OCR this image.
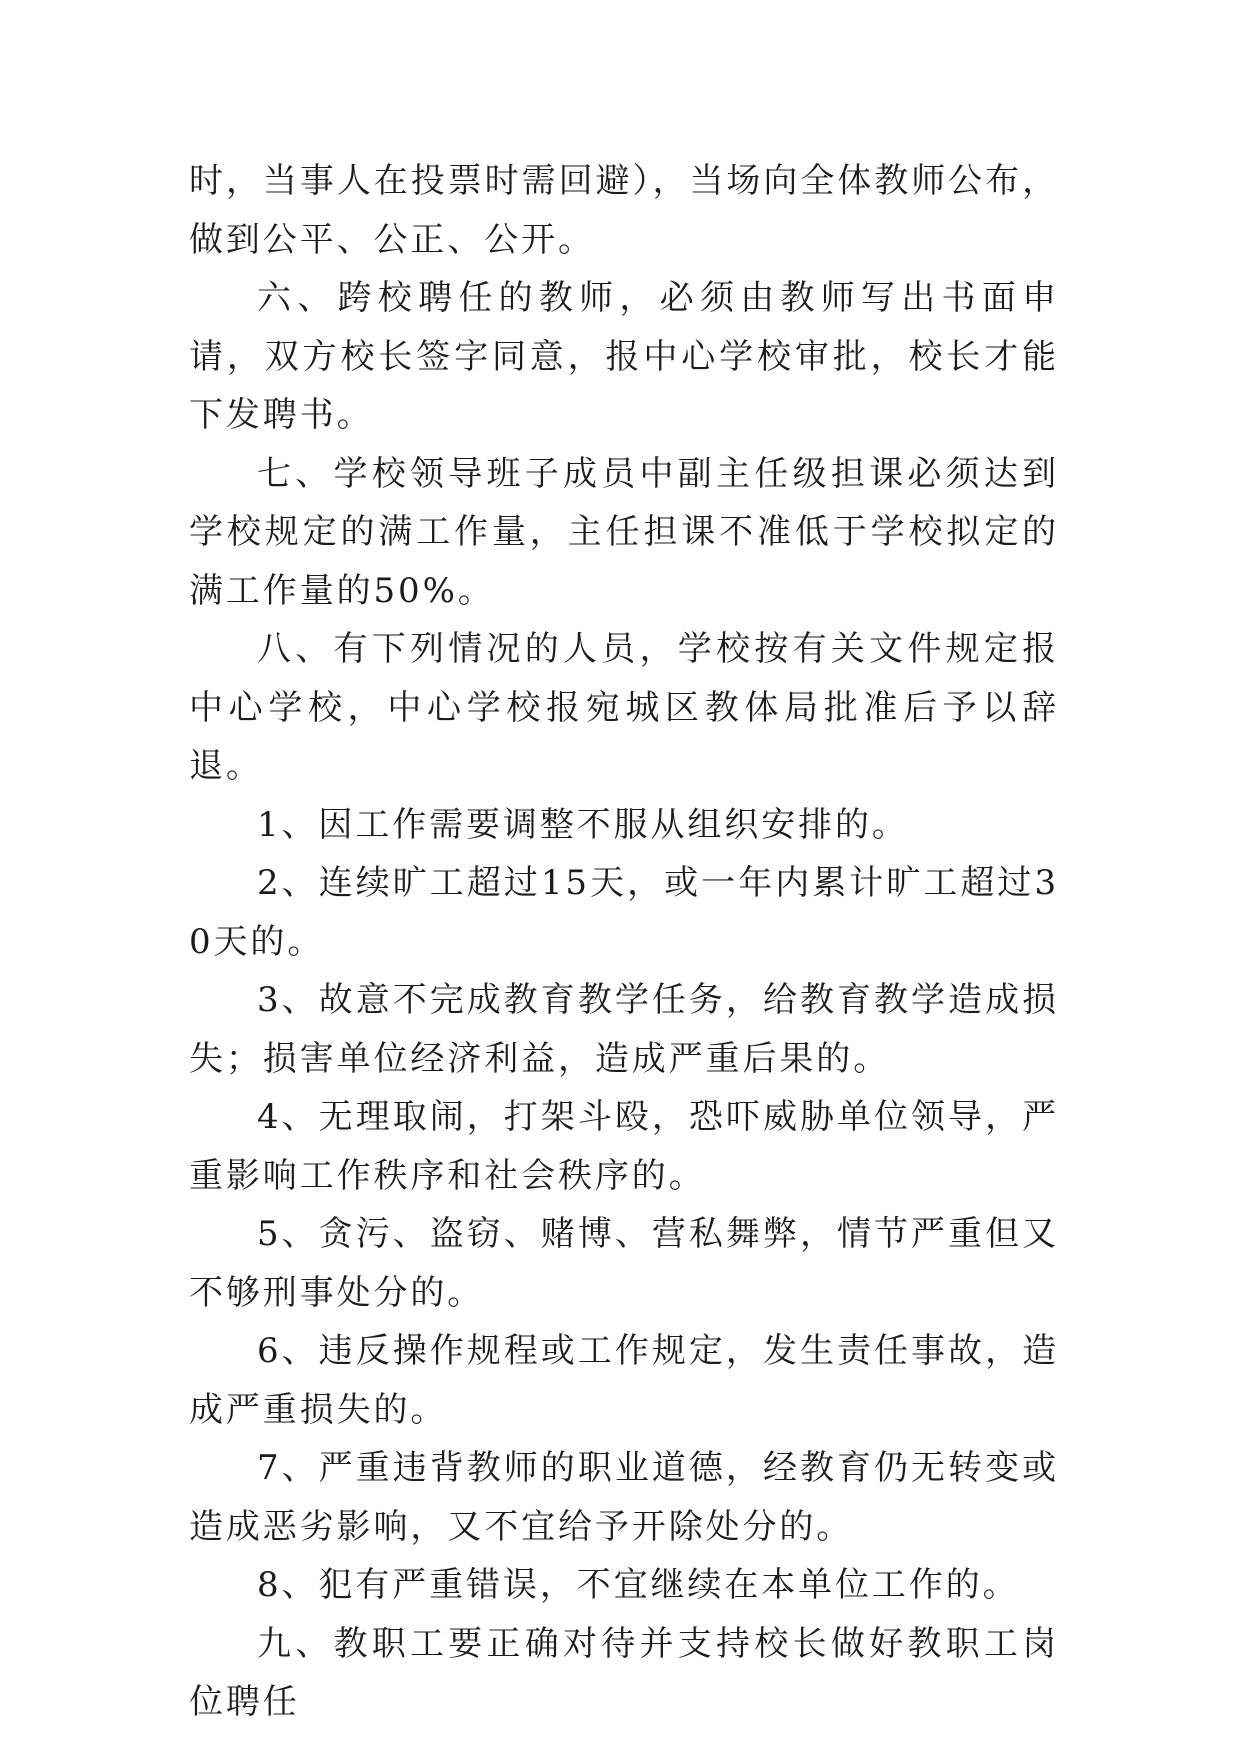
时，当事人在投票时需回避），当场向全体教师公布，做到公平、公正、公开。

六、跨校聘任的教师，必须由教师写出书面申请，双方校长签字同意，报中心学校审批，校长才能下发聘书。

七、学校领导班子成员中副主任级担课必须达到学校规定的满工作量，主任担课不准低于学校拟定的满工作量的50%。

八、有下列情况的人员，学校按有关文件规定报中心学校，中心学校报宛城区教体局批准后予以辞退。

1、因工作需要调整不服从组织安排的。

2、连续旷工超过15天，或一年内累计旷工超过30天的。

3、故意不完成教育教学任务，给教育教学造成损失；损害单位经济利益，造成严重后果的。

4、无理取闹，打架斗殴，恐吓威胁单位领导，严重影响工作秩序和社会秩序的。

5、贪污、盗窃、赌博、营私舞弊，情节严重但又不够刑事处分的。

6、违反操作规程或工作规定，发生责任事故，造成严重损失的。

7、严重违背教师的职业道德，经教育仍无转变或造成恶劣影响，又不宜给予开除处分的。

8、犯有严重错误，不宜继续在本单位工作的。

九、教职工要正确对待并支持校长做好教职工岗位聘任
